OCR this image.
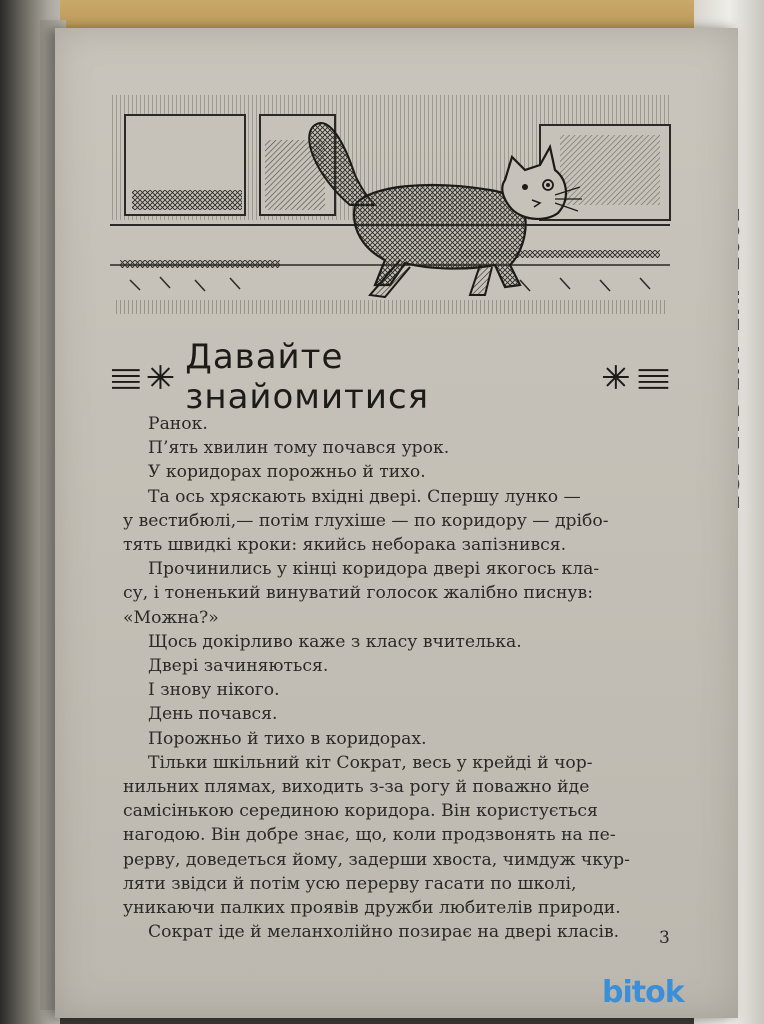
Давайте знайомитися

Ранок.

П’ять хвилин тому почався урок.

У коридорах порожньо й тихо.

Та ось хряскають вхідні двері. Спершу лунко —
у вестибюлі,— потім глухіше — по коридору — дрібо-
тять швидкі кроки: якийсь неборака запізнився.

Прочинились у кінці коридора двері якогось кла-
су, і тоненький винуватий голосок жалібно писнув:
«Можна?»

Щось докірливо каже з класу вчителька.

Двері зачиняються.

І знову нікого.

День почався.

Порожньо й тихо в коридорах.

Тільки шкільний кіт Сократ, весь у крейді й чор-
нильних плямах, виходить з-за рогу й поважно йде
самісінькою серединою коридора. Він користується
нагодою. Він добре знає, що, коли продзвонять на пе-
рерву, доведеться йому, задерши хвоста, чимдуж чкур-
ляти звідси й потім усю перерву гасати по школі,
уникаючи палких проявів дружби любителів природи.

Сократ іде й меланхолійно позирає на двері класів.	3
bitok
